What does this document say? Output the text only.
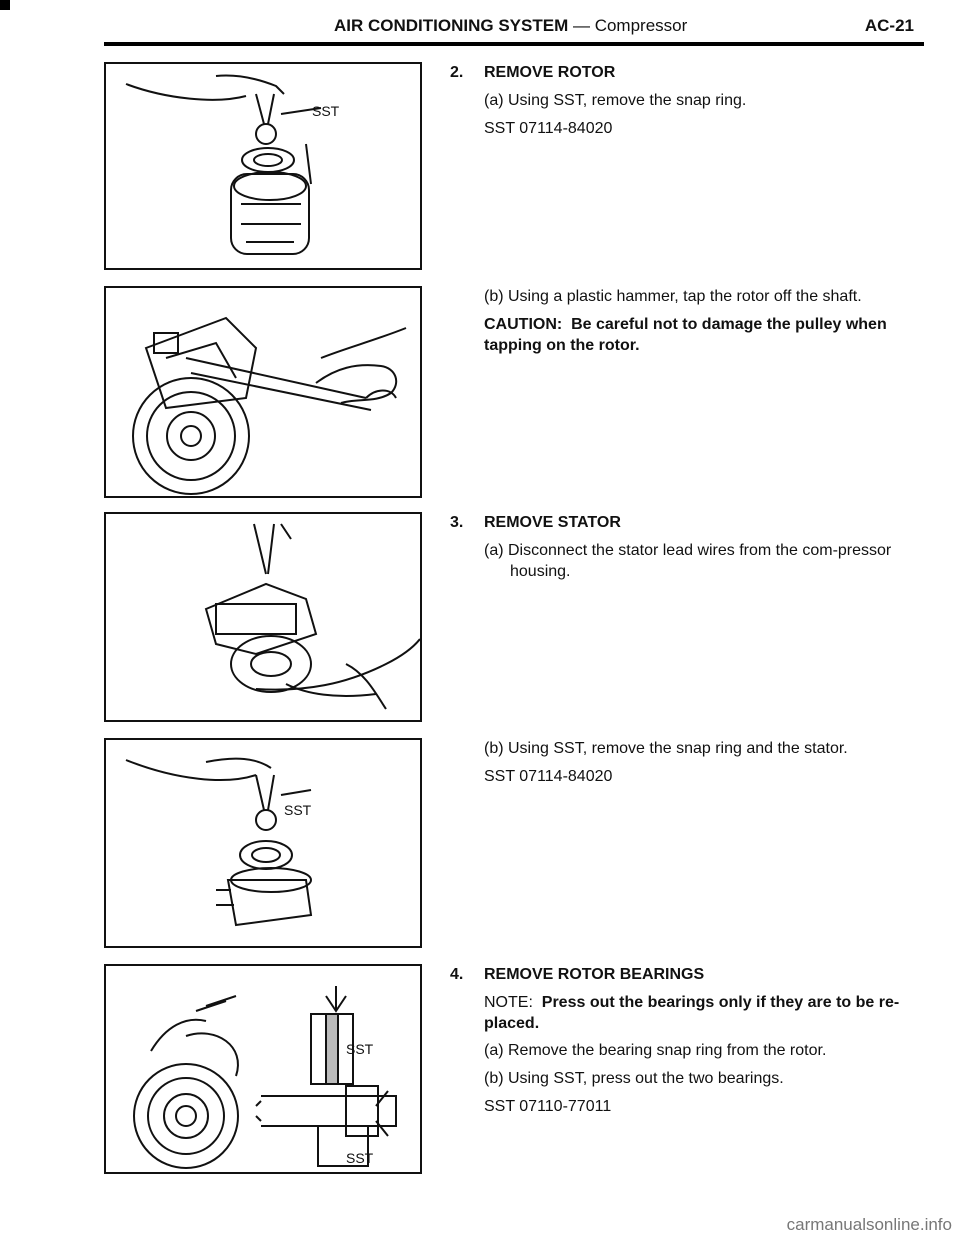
AIR CONDITIONING SYSTEM — Compressor	AC-21
SST
SST
SST
SST
2. REMOVE ROTOR
(a) Using SST, remove the snap ring.
SST 07114-84020
(b) Using a plastic hammer, tap the rotor off the shaft.
CAUTION: Be careful not to damage the pulley when tapping on the rotor.
3. REMOVE STATOR
(a) Disconnect the stator lead wires from the com-pressor housing.
(b) Using SST, remove the snap ring and the stator.
SST 07114-84020
4. REMOVE ROTOR BEARINGS
NOTE: Press out the bearings only if they are to be re-placed.
(a) Remove the bearing snap ring from the rotor.
(b) Using SST, press out the two bearings.
SST 07110-77011
carmanualsonline.info
